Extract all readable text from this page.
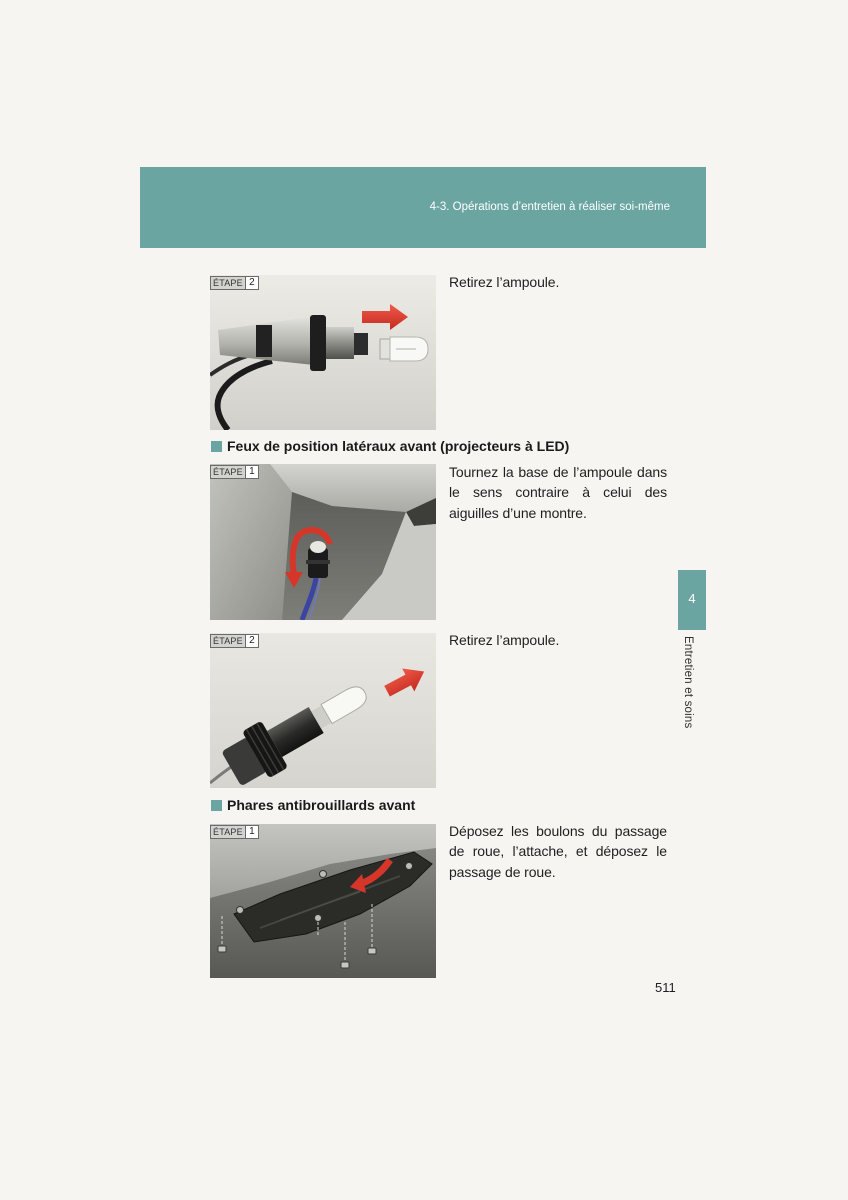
4-3. Opérations d’entretien à réaliser soi-même
4
Entretien et soins
ÉTAPE 2	Retirez l’ampoule.
Feux de position latéraux avant (projecteurs à LED)
ÉTAPE 1	Tournez la base de l’ampoule dans le sens contraire à celui des aiguilles d’une montre.
ÉTAPE 2	Retirez l’ampoule.
Phares antibrouillards avant
ÉTAPE 1	Déposez les boulons du passage de roue, l’attache, et déposez le passage de roue.
511
